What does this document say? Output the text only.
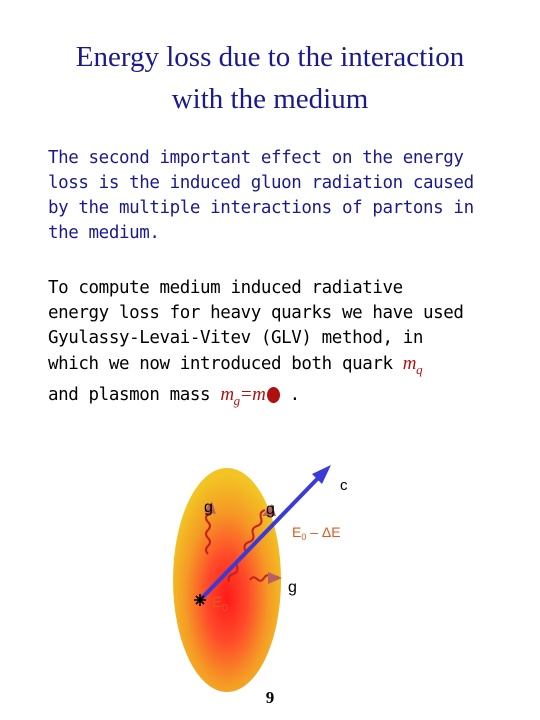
Energy loss due to the interaction
with the medium
The second important effect on the energy
loss is the induced gluon radiation caused
by the multiple interactions of partons in
the medium.
To compute medium induced radiative
energy loss for heavy quarks we have used
Gyulassy-Levai-Vitev (GLV) method, in
which we now introduced both quark $m_q$
and plasmon mass $m_g=m$ .
c
g	g
g
$E_0$
$E_0$ – ΔE
9
